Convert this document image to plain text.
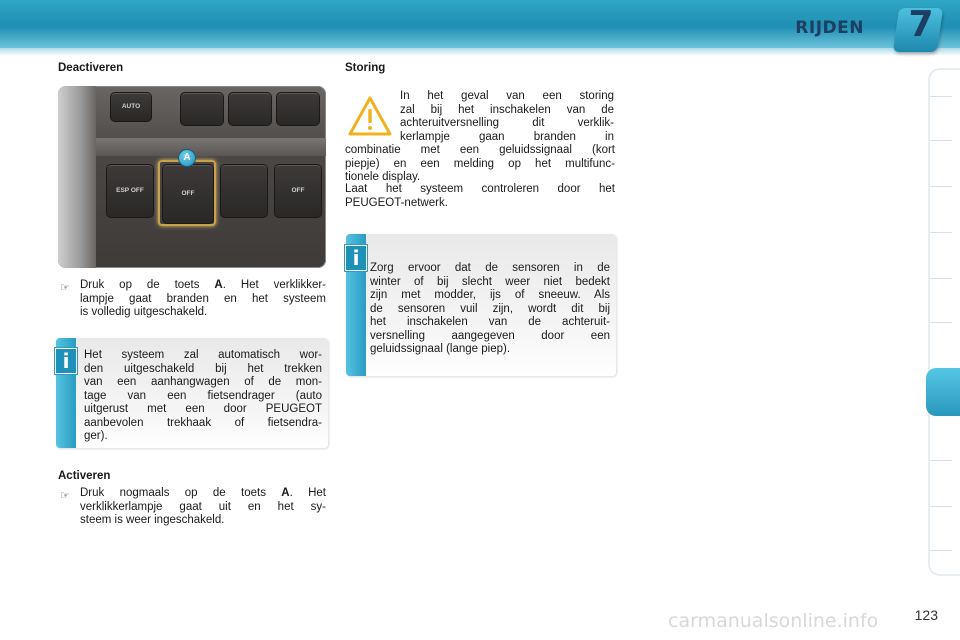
RIJDEN 7
Deactiveren
AUTO
ESP OFF	OFF	OFF
A
☞ Druk op de toets A. Het verklikker-
lampje gaat branden en het systeem
is volledig uitgeschakeld.
i	Het systeem zal automatisch wor-
den uitgeschakeld bij het trekken
van een aanhangwagen of de mon-
tage van een fietsendrager (auto
uitgerust met een door PEUGEOT
aanbevolen trekhaak of fietsendra-
ger).
Activeren
☞ Druk nogmaals op de toets A. Het
verklikkerlampje gaat uit en het sy-
steem is weer ingeschakeld.
Storing
In het geval van een storing
zal bij het inschakelen van de
achteruitversnelling dit verklik-
kerlampje gaan branden in
combinatie met een geluidssignaal (kort
piepje) en een melding op het multifunc-
tionele display.
Laat het systeem controleren door het
PEUGEOT-netwerk.
i Zorg ervoor dat de sensoren in de
winter of bij slecht weer niet bedekt
zijn met modder, ijs of sneeuw. Als
de sensoren vuil zijn, wordt dit bij
het inschakelen van de achteruit-
versnelling aangegeven door een
geluidssignaal (lange piep).
123
carmanualsonline.info
